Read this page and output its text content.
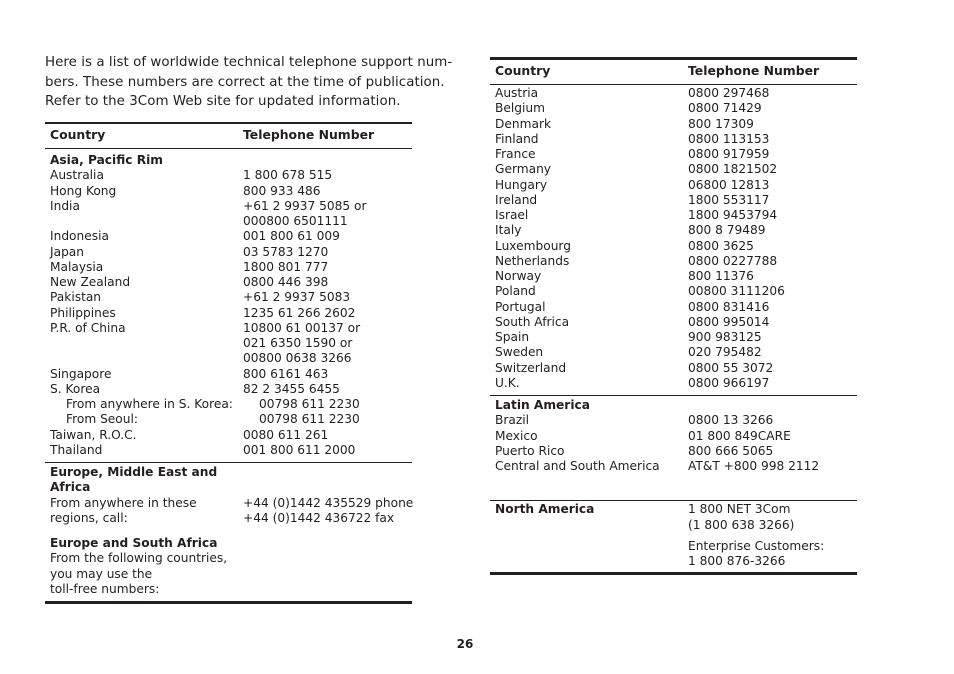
Here is a list of worldwide technical telephone support num-
bers. These numbers are correct at the time of publication.
Refer to the 3Com Web site for updated information.
Country	Telephone Number
Asia, Pacific Rim
Australia	1 800 678 515
Hong Kong	800 933 486
India	+61 2 9937 5085 or
000800 6501111
Indonesia	001 800 61 009
Japan	03 5783 1270
Malaysia	1800 801 777
New Zealand	0800 446 398
Pakistan	+61 2 9937 5083
Philippines	1235 61 266 2602
P.R. of China	10800 61 00137 or
021 6350 1590 or
00800 0638 3266
Singapore	800 6161 463
S. Korea	82 2 3455 6455
From anywhere in S. Korea:	00798 611 2230
From Seoul:	00798 611 2230
Taiwan, R.O.C.	0080 611 261
Thailand	001 800 611 2000
Europe, Middle East and
Africa
From anywhere in these	+44 (0)1442 435529 phone
regions, call:	+44 (0)1442 436722 fax
Europe and South Africa
From the following countries,
you may use the
toll-free numbers:
Country	Telephone Number
Austria	0800 297468
Belgium	0800 71429
Denmark	800 17309
Finland	0800 113153
France	0800 917959
Germany	0800 1821502
Hungary	06800 12813
Ireland	1800 553117
Israel	1800 9453794
Italy	800 8 79489
Luxembourg	0800 3625
Netherlands	0800 0227788
Norway	800 11376
Poland	00800 3111206
Portugal	0800 831416
South Africa	0800 995014
Spain	900 983125
Sweden	020 795482
Switzerland	0800 55 3072
U.K.	0800 966197
Latin America
Brazil	0800 13 3266
Mexico	01 800 849CARE
Puerto Rico	800 666 5065
Central and South America	AT&T +800 998 2112
North America	1 800 NET 3Com
(1 800 638 3266)
Enterprise Customers:
1 800 876-3266
26
